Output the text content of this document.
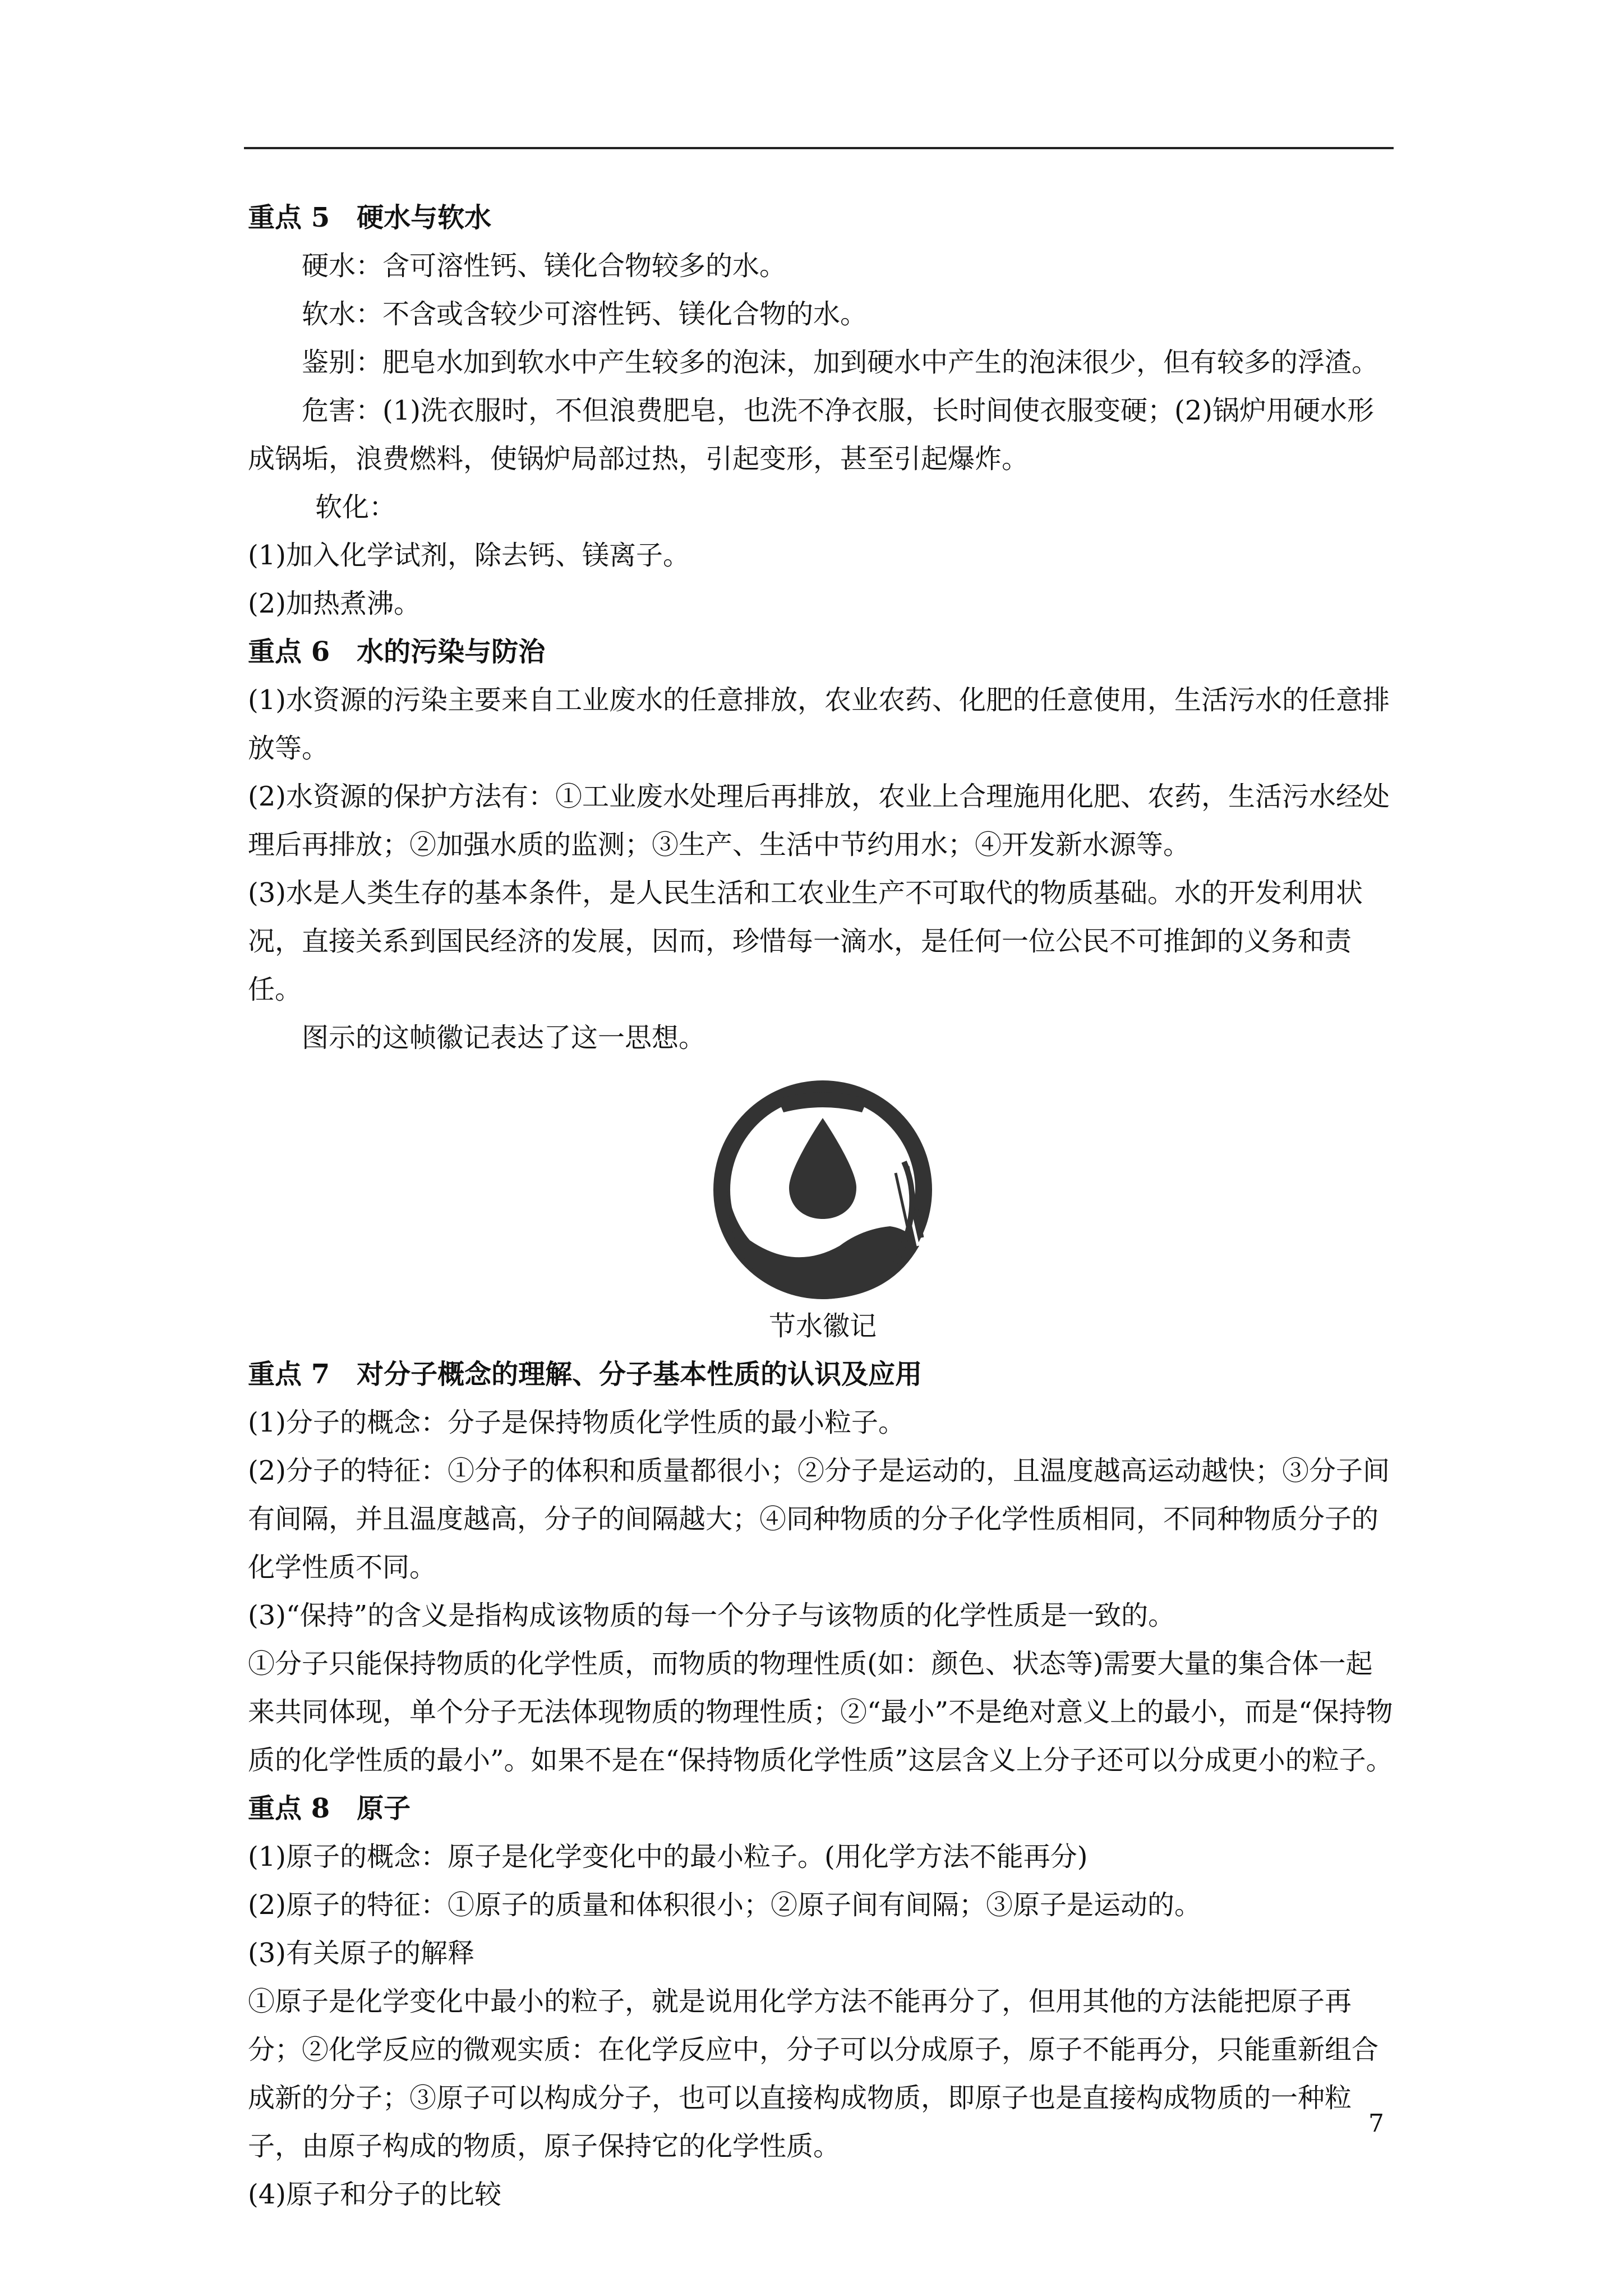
重点 5　硬水与软水

硬水：含可溶性钙、镁化合物较多的水。

软水：不含或含较少可溶性钙、镁化合物的水。

鉴别：肥皂水加到软水中产生较多的泡沫，加到硬水中产生的泡沫很少，但有较多的浮渣。

危害：(1)洗衣服时，不但浪费肥皂，也洗不净衣服，长时间使衣服变硬；(2)锅炉用硬水形成锅垢，浪费燃料，使锅炉局部过热，引起变形，甚至引起爆炸。

软化：

(1)加入化学试剂，除去钙、镁离子。

(2)加热煮沸。

重点 6　水的污染与防治

(1)水资源的污染主要来自工业废水的任意排放，农业农药、化肥的任意使用，生活污水的任意排放等。

(2)水资源的保护方法有：①工业废水处理后再排放，农业上合理施用化肥、农药，生活污水经处理后再排放；②加强水质的监测；③生产、生活中节约用水；④开发新水源等。

(3)水是人类生存的基本条件，是人民生活和工农业生产不可取代的物质基础。水的开发利用状况，直接关系到国民经济的发展，因而，珍惜每一滴水，是任何一位公民不可推卸的义务和责任。

图示的这帧徽记表达了这一思想。

节水徽记

重点 7　对分子概念的理解、分子基本性质的认识及应用

(1)分子的概念：分子是保持物质化学性质的最小粒子。

(2)分子的特征：①分子的体积和质量都很小；②分子是运动的，且温度越高运动越快；③分子间有间隔，并且温度越高，分子的间隔越大；④同种物质的分子化学性质相同，不同种物质分子的化学性质不同。

(3)“保持”的含义是指构成该物质的每一个分子与该物质的化学性质是一致的。

①分子只能保持物质的化学性质，而物质的物理性质(如：颜色、状态等)需要大量的集合体一起来共同体现，单个分子无法体现物质的物理性质；②“最小”不是绝对意义上的最小，而是“保持物质的化学性质的最小”。如果不是在“保持物质化学性质”这层含义上分子还可以分成更小的粒子。

重点 8　原子

(1)原子的概念：原子是化学变化中的最小粒子。(用化学方法不能再分)

(2)原子的特征：①原子的质量和体积很小；②原子间有间隔；③原子是运动的。

(3)有关原子的解释

①原子是化学变化中最小的粒子，就是说用化学方法不能再分了，但用其他的方法能把原子再分；②化学反应的微观实质：在化学反应中，分子可以分成原子，原子不能再分，只能重新组合成新的分子；③原子可以构成分子，也可以直接构成物质，即原子也是直接构成物质的一种粒子，由原子构成的物质，原子保持它的化学性质。

(4)原子和分子的比较

7
